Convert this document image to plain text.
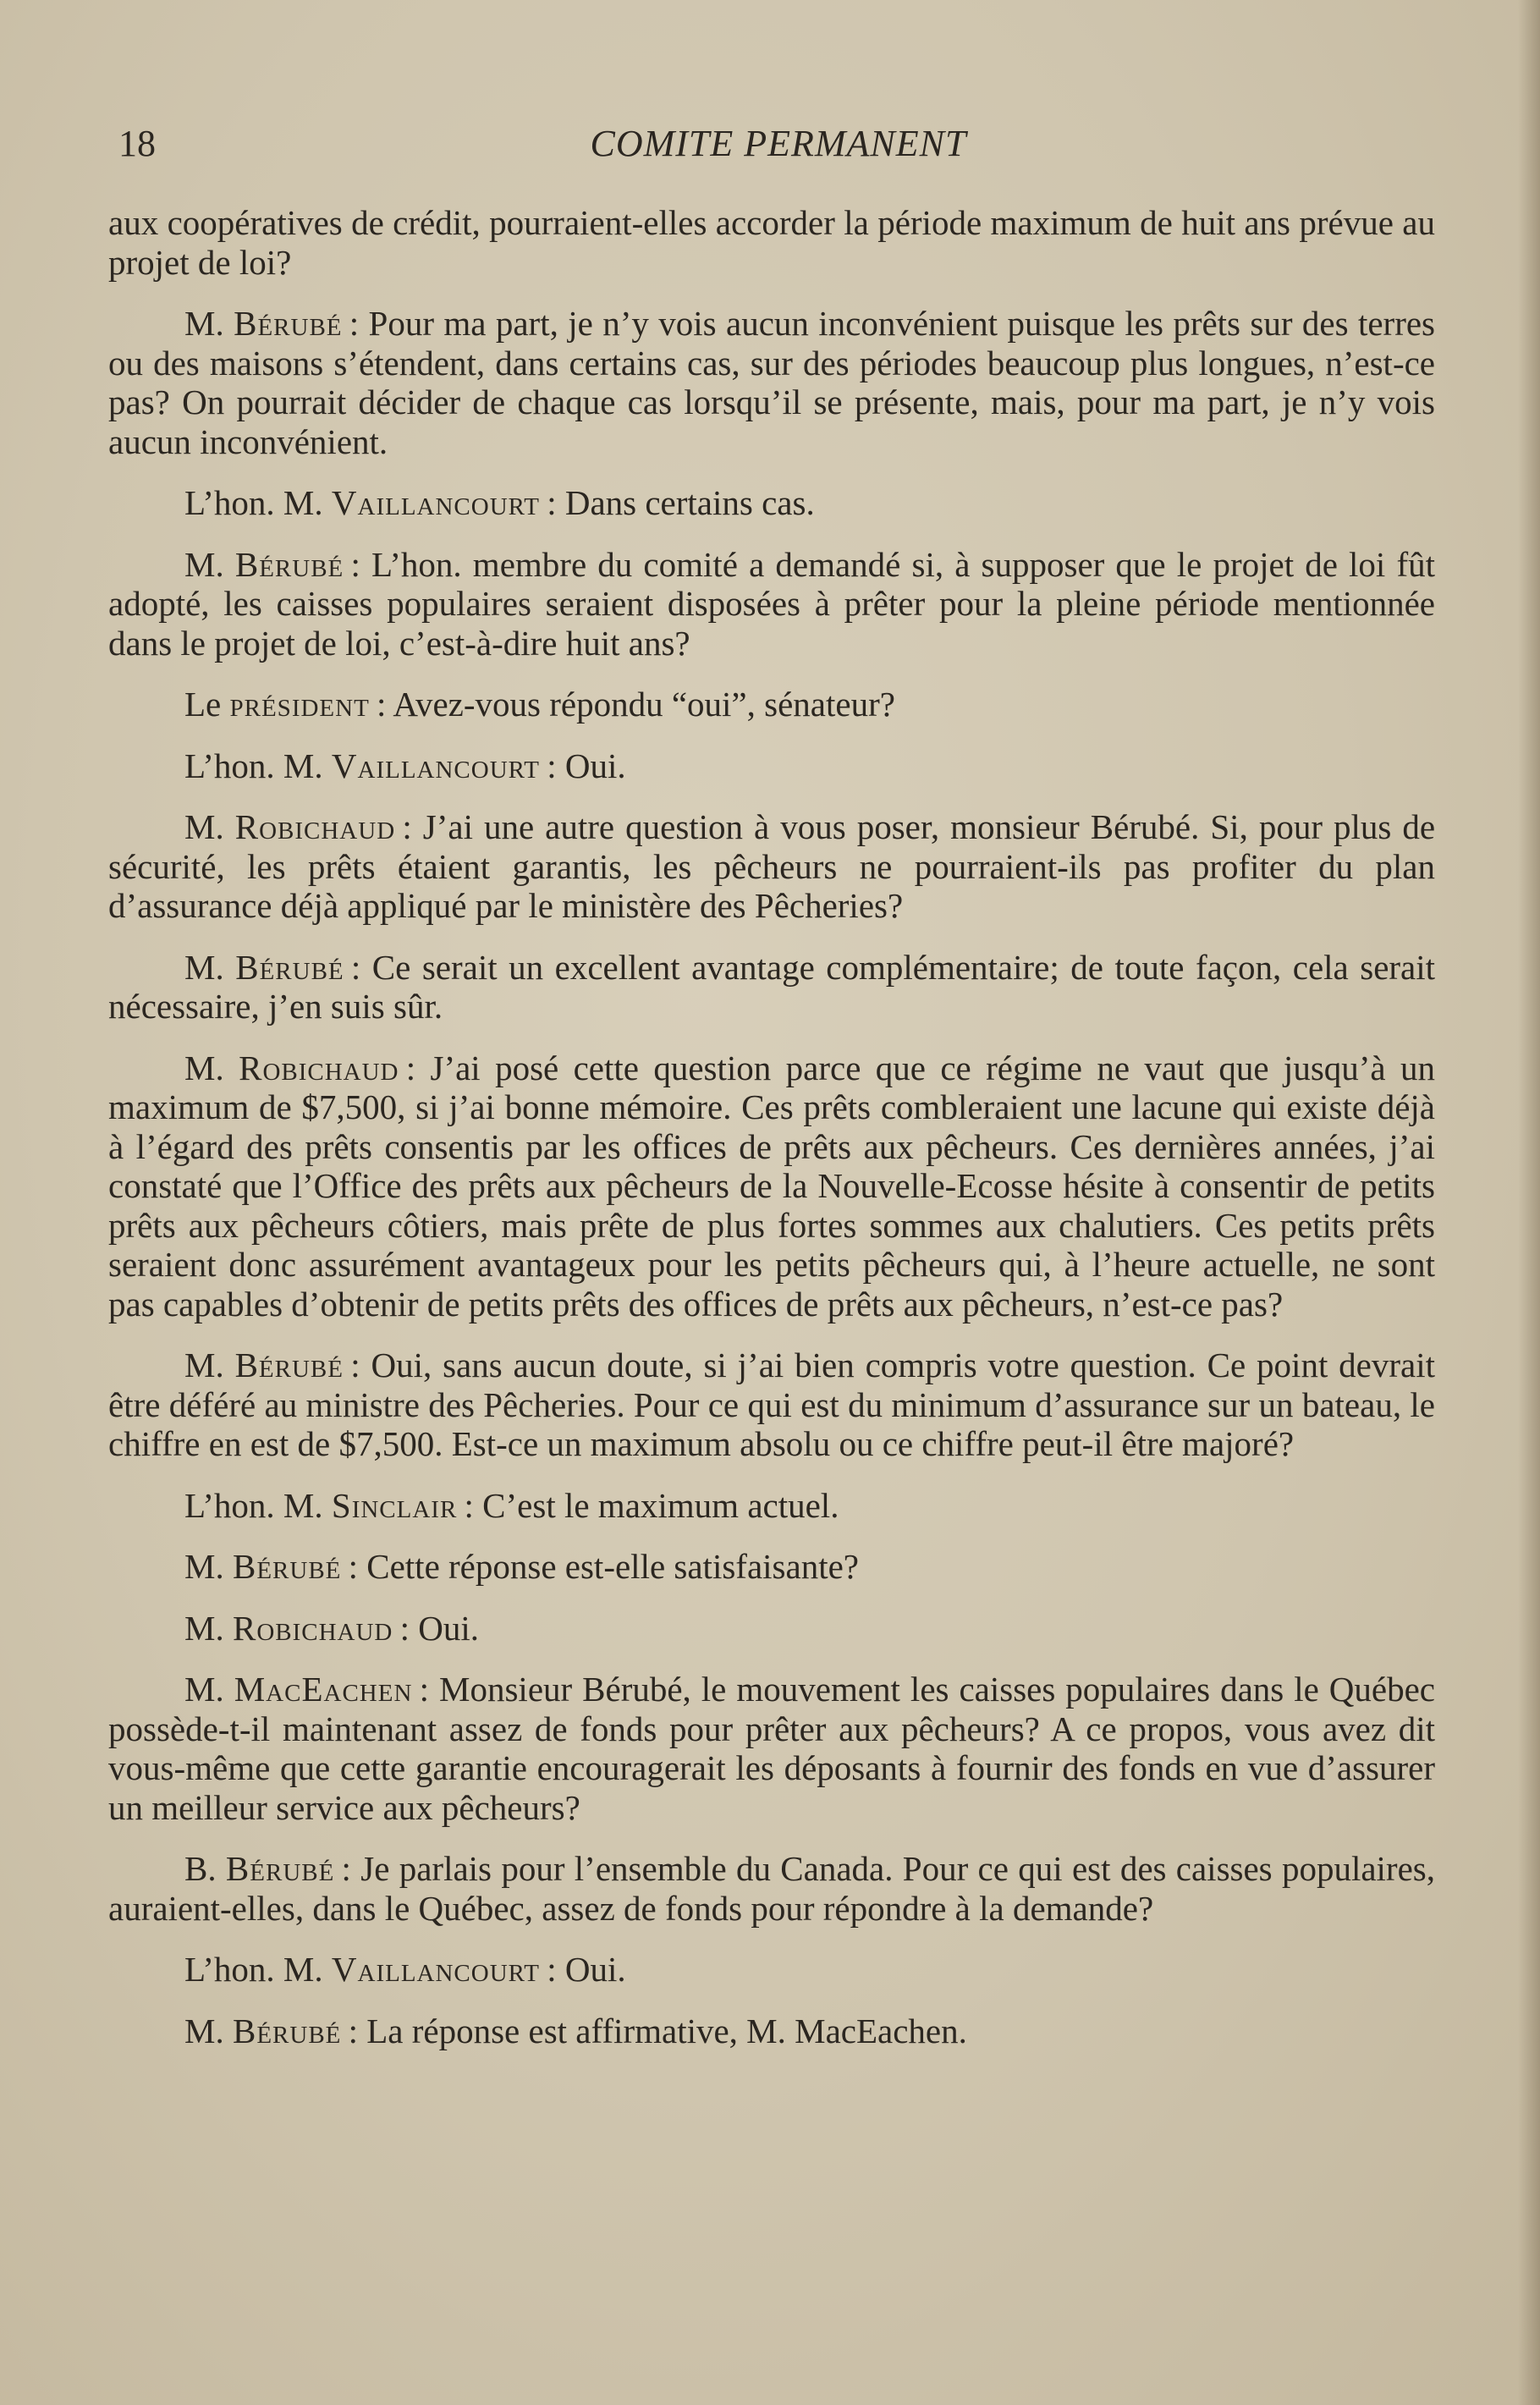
18	COMITE PERMANENT

aux coopératives de crédit, pourraient-elles accorder la période maximum de huit ans prévue au projet de loi?

M. Bérubé  : Pour ma part, je n’y vois aucun inconvénient puisque les prêts sur des terres ou des maisons s’étendent, dans certains cas, sur des périodes beaucoup plus longues, n’est-ce pas? On pourrait décider de chaque cas lorsqu’il se présente, mais, pour ma part, je n’y vois aucun inconvénient.

L’hon. M. Vaillancourt  : Dans certains cas.

M. Bérubé  : L’hon. membre du comité a demandé si, à supposer que le projet de loi fût adopté, les caisses populaires seraient disposées à prêter pour la pleine période mentionnée dans le projet de loi, c’est-à-dire huit ans?

Le président  : Avez-vous répondu “oui”, sénateur?

L’hon. M. Vaillancourt  : Oui.

M. Robichaud  : J’ai une autre question à vous poser, monsieur Bérubé. Si, pour plus de sécurité, les prêts étaient garantis, les pêcheurs ne pourraient-ils pas profiter du plan d’assurance déjà appliqué par le ministère des Pêcheries?

M. Bérubé  : Ce serait un excellent avantage complémentaire; de toute façon, cela serait nécessaire, j’en suis sûr.

M. Robichaud  : J’ai posé cette question parce que ce régime ne vaut que jusqu’à un maximum de $7,500, si j’ai bonne mémoire. Ces prêts combleraient une lacune qui existe déjà à l’égard des prêts consentis par les offices de prêts aux pêcheurs. Ces dernières années, j’ai constaté que l’Office des prêts aux pêcheurs de la Nouvelle-Ecosse hésite à consentir de petits prêts aux pêcheurs côtiers, mais prête de plus fortes sommes aux chalutiers. Ces petits prêts seraient donc assurément avantageux pour les petits pêcheurs qui, à l’heure actuelle, ne sont pas capables d’obtenir de petits prêts des offices de prêts aux pêcheurs, n’est-ce pas?

M. Bérubé  : Oui, sans aucun doute, si j’ai bien compris votre question. Ce point devrait être déféré au ministre des Pêcheries. Pour ce qui est du minimum d’assurance sur un bateau, le chiffre en est de $7,500. Est-ce un maximum absolu ou ce chiffre peut-il être majoré?

L’hon. M. Sinclair  : C’est le maximum actuel.

M. Bérubé  : Cette réponse est-elle satisfaisante?

M. Robichaud  : Oui.

M. MacEachen  : Monsieur Bérubé, le mouvement les caisses populaires dans le Québec possède-t-il maintenant assez de fonds pour prêter aux pêcheurs? A ce propos, vous avez dit vous-même que cette garantie encouragerait les déposants à fournir des fonds en vue d’assurer un meilleur service aux pêcheurs?

B. Bérubé  : Je parlais pour l’ensemble du Canada. Pour ce qui est des caisses populaires, auraient-elles, dans le Québec, assez de fonds pour répondre à la demande?

L’hon. M. Vaillancourt  : Oui.

M. Bérubé  : La réponse est affirmative, M. MacEachen.
